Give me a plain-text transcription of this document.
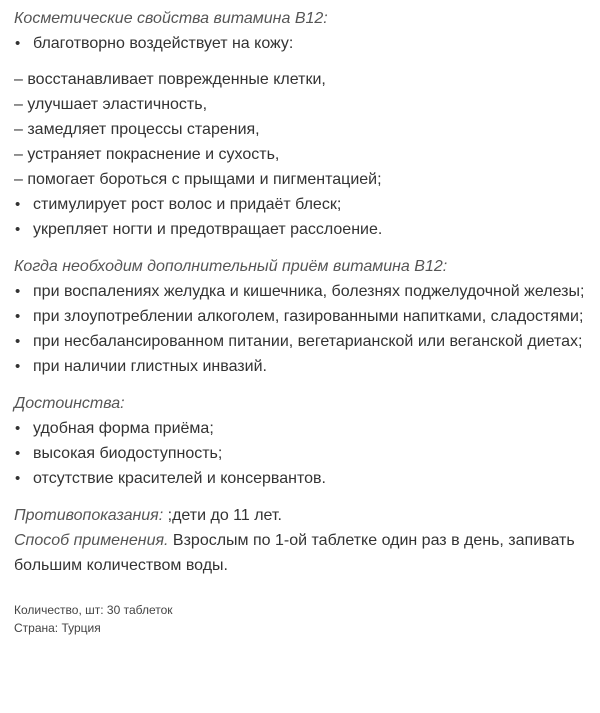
Косметические свойства витамина В12:

• благотворно воздействует на кожу:
– восстанавливает поврежденные клетки,
– улучшает эластичность,
– замедляет процессы старения,
– устраняет покраснение и сухость,
– помогает бороться с прыщами и пигментацией;
• стимулирует рост волос и придаёт блеск;
• укрепляет ногти и предотвращает расслоение.

Когда необходим дополнительный приём витамина В12:

• при воспалениях желудка и кишечника, болезнях поджелудочной железы;
• при злоупотреблении алкоголем, газированными напитками, сладостями;
• при несбалансированном питании, вегетарианской или веганской диетах;
• при наличии глистных инвазий.

Достоинства:

• удобная форма приёма;
• высокая биодоступность;
• отсутствие красителей и консервантов.

Противопоказания: ;дети до 11 лет.

Способ применения. Взрослым по 1-ой таблетке один раз в день, запивать большим количеством воды.

Количество, шт: 30 таблеток

Страна: Турция
